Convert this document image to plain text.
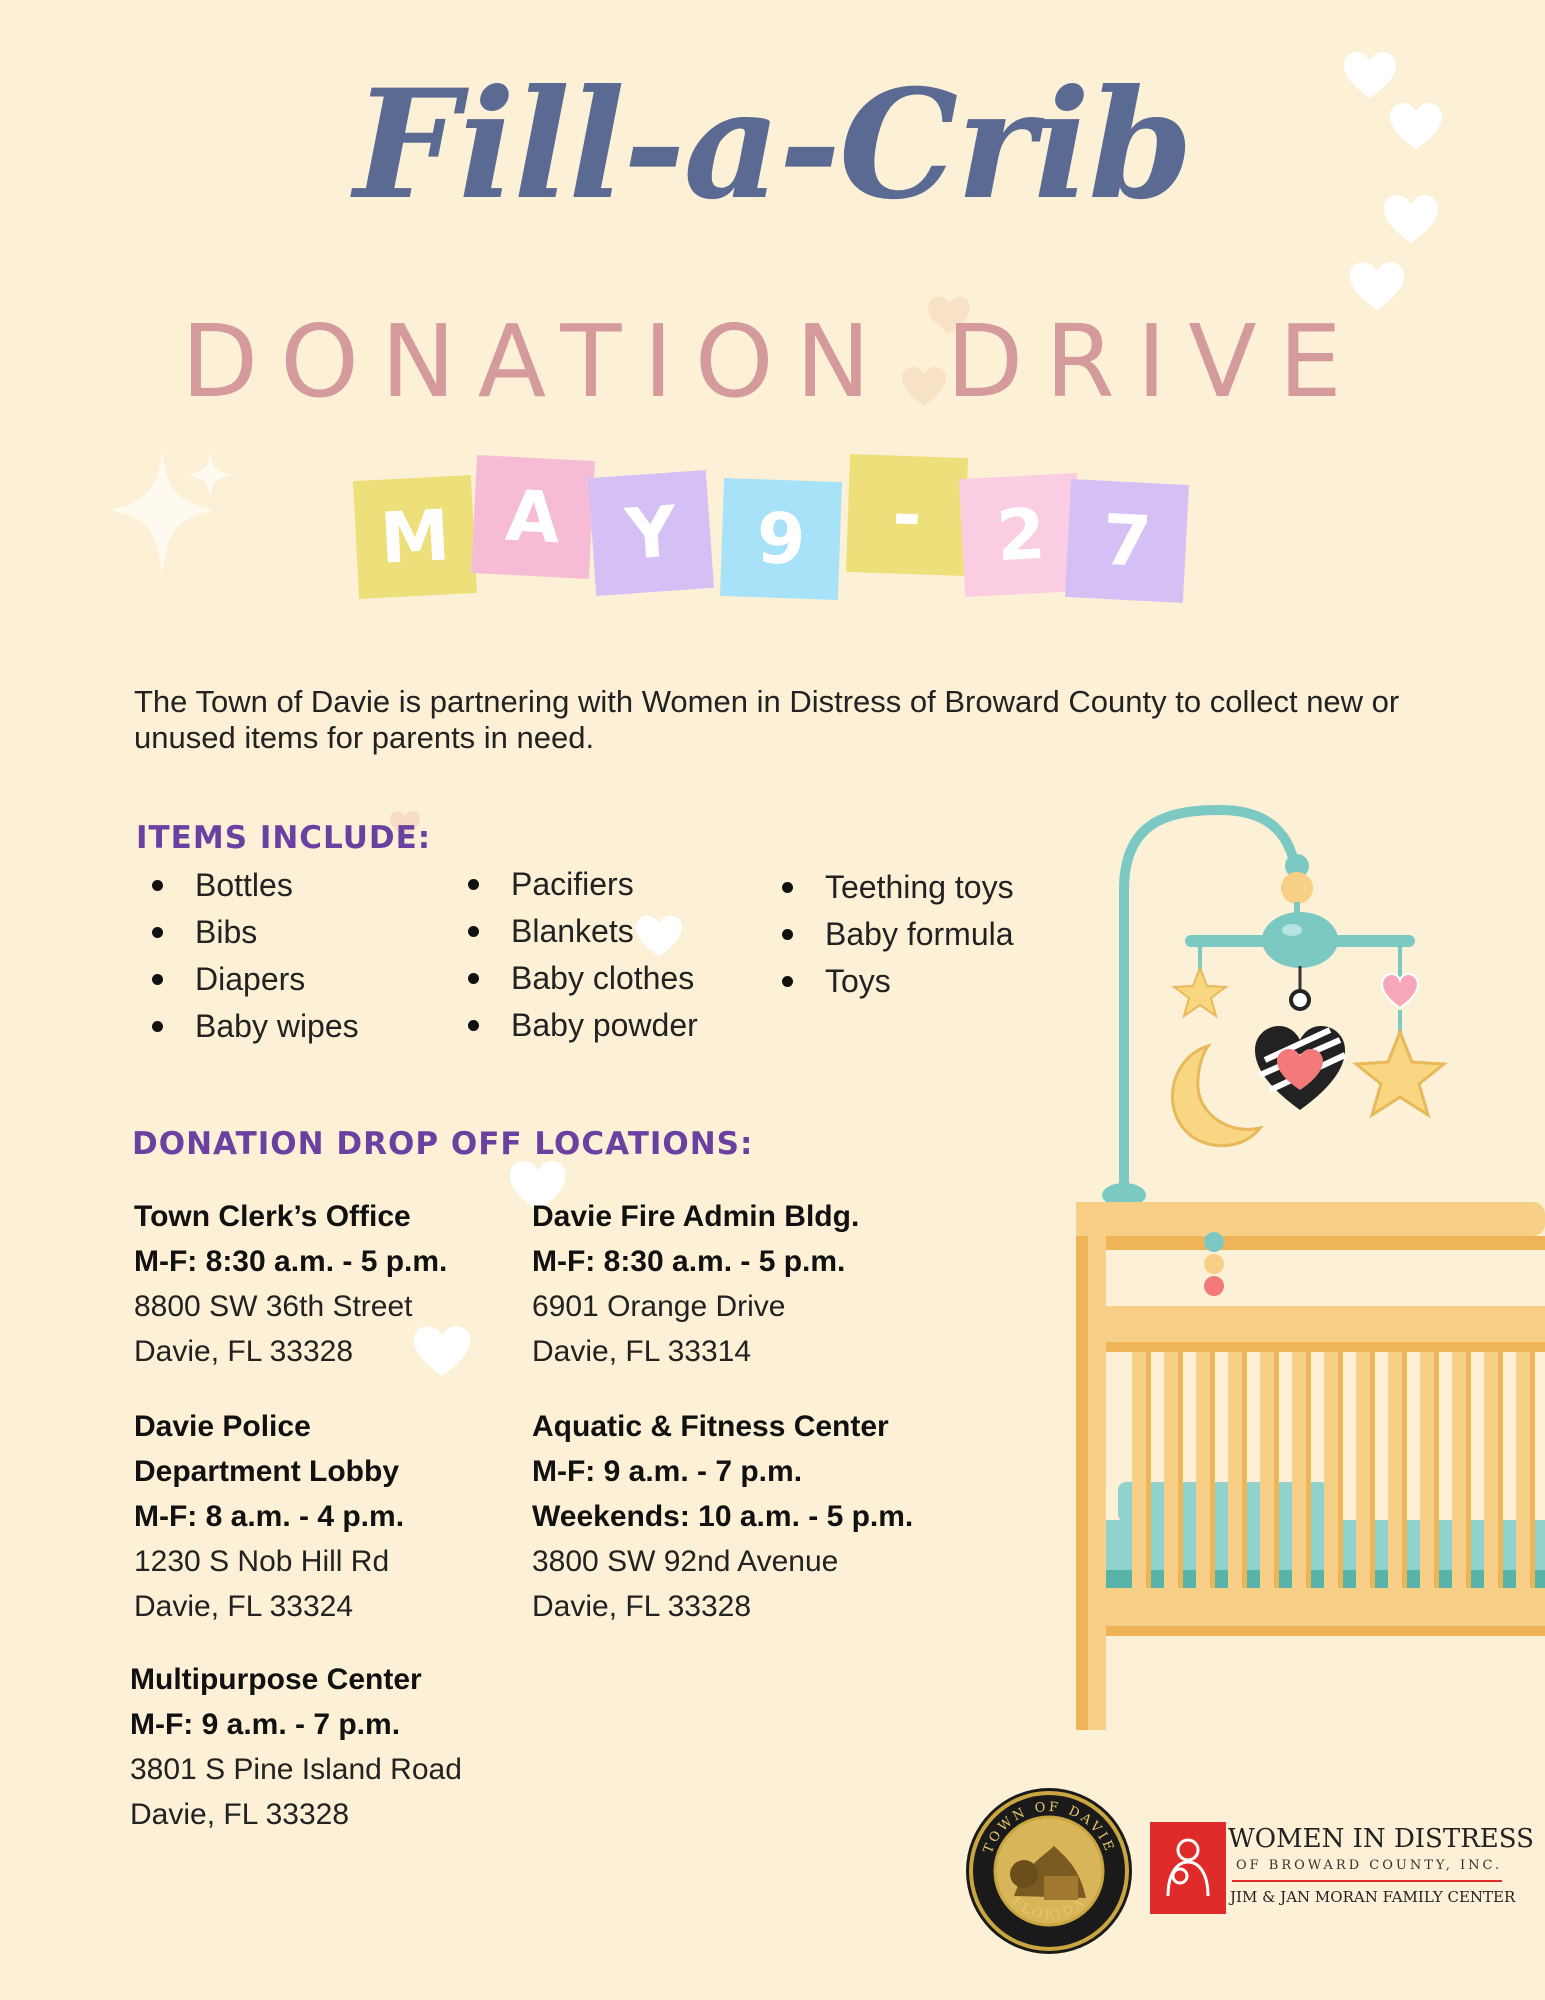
Fill-a-Crib
DONATION DRIVE
M A Y 9 - 2 7
The Town of Davie is partnering with Women in Distress of Broward County to collect new or unused items for parents in need.
ITEMS INCLUDE:
Bottles
Bibs
Diapers
Baby wipes
Pacifiers
Blankets
Baby clothes
Baby powder
Teething toys
Baby formula
Toys
DONATION DROP OFF LOCATIONS:
Town Clerk’s Office
M-F: 8:30 a.m. - 5 p.m.
8800 SW 36th Street
Davie, FL 33328
Davie Fire Admin Bldg.
M-F: 8:30 a.m. - 5 p.m.
6901 Orange Drive
Davie, FL 33314
Davie Police
Department Lobby
M-F: 8 a.m. - 4 p.m.
1230 S Nob Hill Rd
Davie, FL 33324
Aquatic & Fitness Center
M-F: 9 a.m. - 7 p.m.
Weekends: 10 a.m. - 5 p.m.
3800 SW 92nd Avenue
Davie, FL 33328
Multipurpose Center
M-F: 9 a.m. - 7 p.m.
3801 S Pine Island Road
Davie, FL 33328
TOWN OF DAVIE
FLORIDA
WOMEN IN DISTRESS
OF BROWARD COUNTY, INC.
JIM & JAN MORAN FAMILY CENTER
